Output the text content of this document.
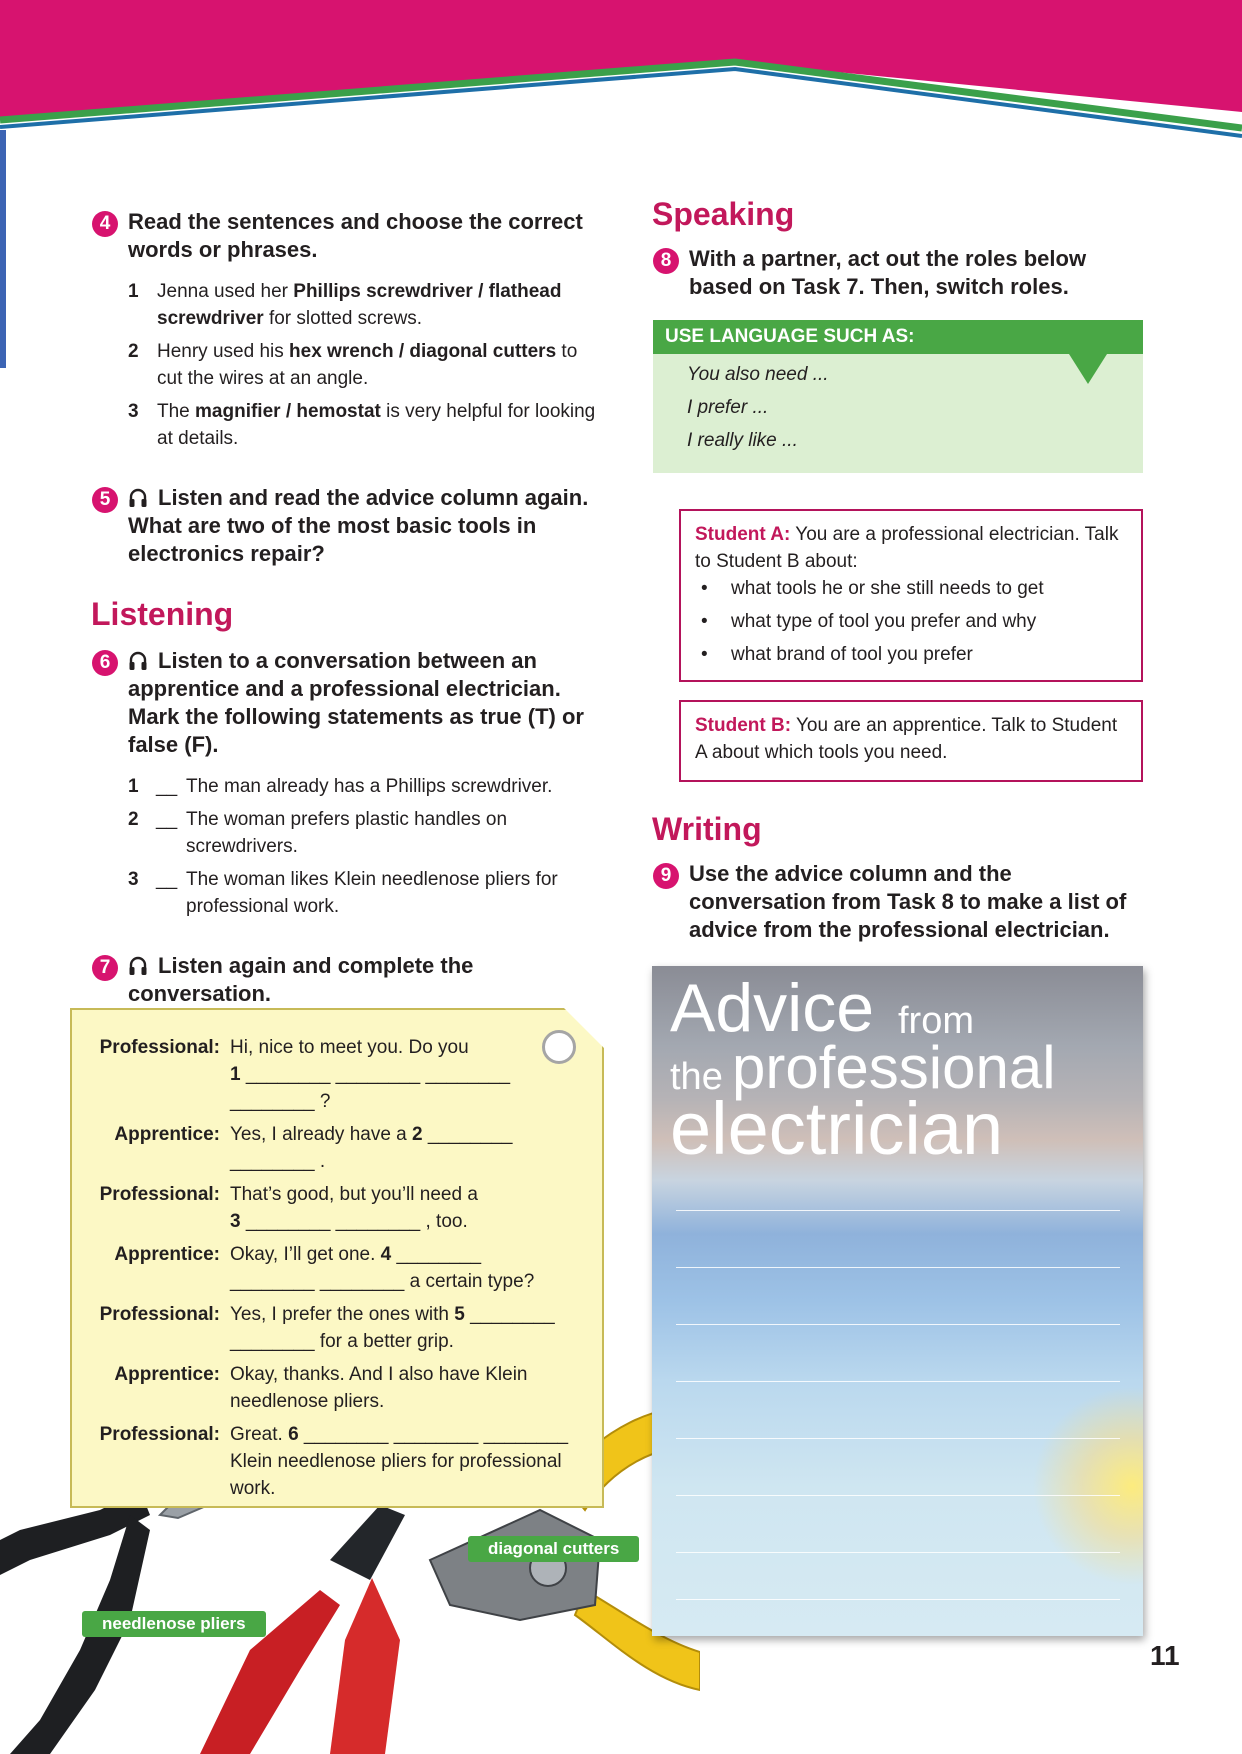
4 Read the sentences and choose the correct words or phrases.
1 Jenna used her Phillips screwdriver / flathead screwdriver for slotted screws.
2 Henry used his hex wrench / diagonal cutters to cut the wires at an angle.
3 The magnifier / hemostat is very helpful for looking at details.
5	Listen and read the advice column again. What are two of the most basic tools in electronics repair?
Listening
6	Listen to a conversation between an apprentice and a professional electrician. Mark the following statements as true (T) or false (F).
1 __ The man already has a Phillips screwdriver.
2 __ The woman prefers plastic handles on screwdrivers.
3 __ The woman likes Klein needlenose pliers for professional work.
7	Listen again and complete the conversation.
Professional: Hi, nice to meet you. Do you
1 ________ ________ ________
________ ?
Apprentice: Yes, I already have a 2 ________
________ .
Professional: That’s good, but you’ll need a
3 ________ ________ , too.
Apprentice: Okay, I’ll get one. 4 ________
________ ________ a certain type?
Professional: Yes, I prefer the ones with 5 ________
________ for a better grip.
Apprentice: Okay, thanks. And I also have Klein needlenose pliers.
Professional: Great. 6 ________ ________ ________
Klein needlenose pliers for professional work.
needlenose pliers
diagonal cutters
Speaking
8 With a partner, act out the roles below based on Task 7. Then, switch roles.
USE LANGUAGE SUCH AS:
You also need ...
I prefer ...
I really like ...
Student A: You are a professional electrician. Talk to Student B about:
• what tools he or she still needs to get
• what type of tool you prefer and why
• what brand of tool you prefer
Student B: You are an apprentice. Talk to Student A about which tools you need.
Writing
9 Use the advice column and the conversation from Task 8 to make a list of advice from the professional electrician.
Advice from
the professional
electrician
11
